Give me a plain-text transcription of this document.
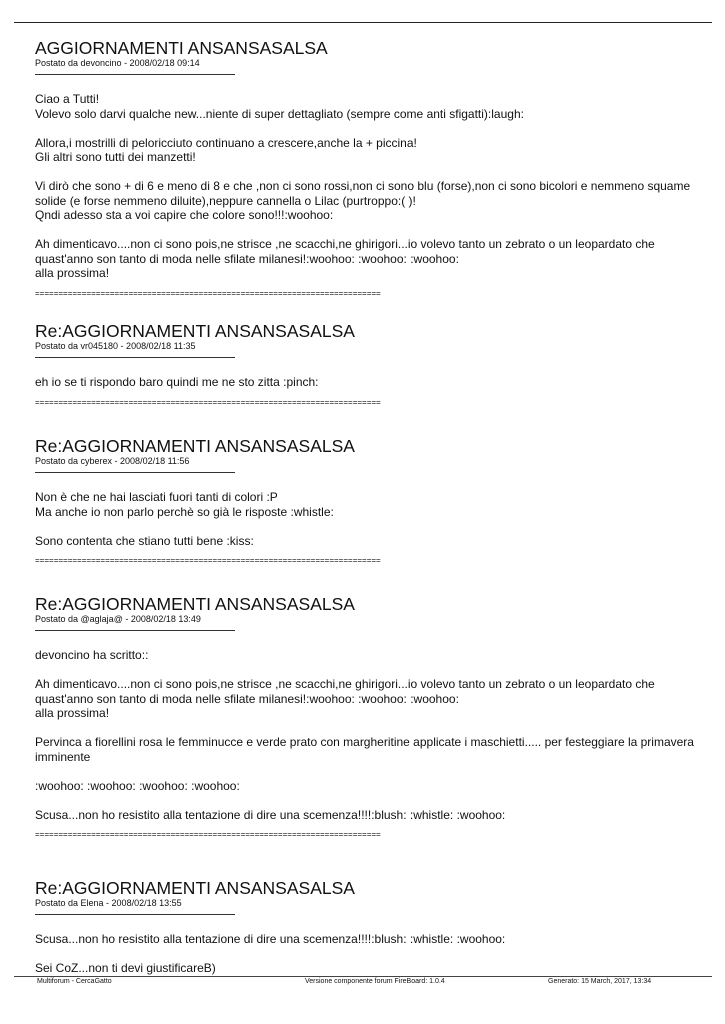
AGGIORNAMENTI ANSANSASALSA
Postato da devoncino - 2008/02/18 09:14

Ciao a Tutti!
Volevo solo darvi qualche new...niente di super dettagliato (sempre come anti sfigatti):laugh:

Allora,i mostrilli di peloricciuto continuano a crescere,anche la + piccina!
Gli altri sono tutti dei manzetti!

Vi dirò che sono + di 6 e meno di 8 e che ,non ci sono rossi,non ci sono blu (forse),non ci sono bicolori e nemmeno squame solide (e forse nemmeno diluite),neppure cannella o Lilac (purtroppo:( )!
Qndi adesso sta a voi capire che colore sono!!!:woohoo:

Ah dimenticavo....non ci sono pois,ne strisce ,ne scacchi,ne ghirigori...io volevo tanto un zebrato o un leopardato che quast'anno son tanto di moda nelle sfilate milanesi!:woohoo: :woohoo: :woohoo:
alla prossima!

==========================================================================
Re:AGGIORNAMENTI ANSANSASALSA
Postato da vr045180 - 2008/02/18 11:35

eh io se ti rispondo baro quindi me ne sto zitta :pinch:

==========================================================================
Re:AGGIORNAMENTI ANSANSASALSA
Postato da cyberex - 2008/02/18 11:56

Non è che ne hai lasciati fuori tanti di colori :P
Ma anche io non parlo perchè so già le risposte :whistle:

Sono contenta che stiano tutti bene :kiss:

==========================================================================
Re:AGGIORNAMENTI ANSANSASALSA
Postato da @aglaja@ - 2008/02/18 13:49

devoncino ha scritto::

Ah dimenticavo....non ci sono pois,ne strisce ,ne scacchi,ne ghirigori...io volevo tanto un zebrato o un leopardato che quast'anno son tanto di moda nelle sfilate milanesi!:woohoo: :woohoo: :woohoo:
alla prossima!

Pervinca a fiorellini rosa le femminucce e verde prato con margheritine applicate i maschietti..... per festeggiare la primavera imminente

:woohoo: :woohoo: :woohoo: :woohoo:

Scusa...non ho resistito alla tentazione di dire una scemenza!!!!:blush: :whistle: :woohoo:

==========================================================================
Re:AGGIORNAMENTI ANSANSASALSA
Postato da Elena - 2008/02/18 13:55

Scusa...non ho resistito alla tentazione di dire una scemenza!!!!:blush: :whistle: :woohoo:

Sei CoZ...non ti devi giustificareB)

Multiforum - CercaGatto	Versione componente forum FireBoard: 1.0.4	Generato: 15 March, 2017, 13:34
